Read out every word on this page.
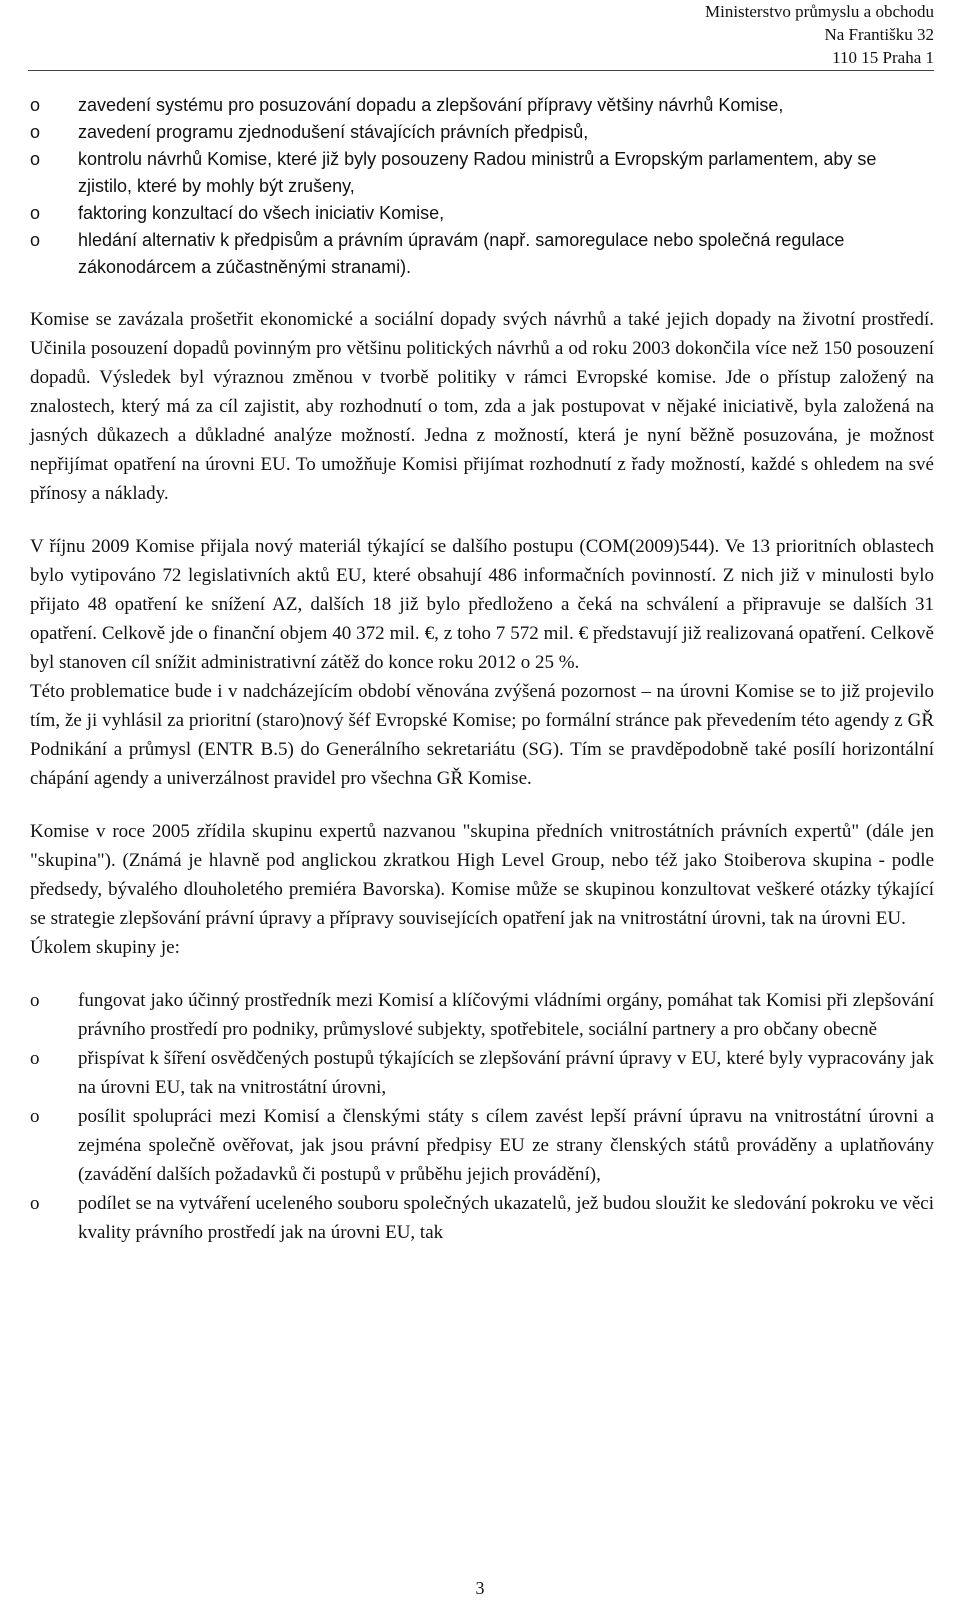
Ministerstvo průmyslu a obchodu
Na Františku 32
110 15 Praha 1
o zavedení systému pro posuzování dopadu a zlepšování přípravy většiny návrhů Komise,
o zavedení programu zjednodušení stávajících právních předpisů,
o kontrolu návrhů Komise, které již byly posouzeny Radou ministrů a Evropským parlamentem, aby se zjistilo, které by mohly být zrušeny,
o faktoring konzultací do všech iniciativ Komise,
o hledání alternativ k předpisům a právním úpravám (např. samoregulace nebo společná regulace zákonodárcem a zúčastněnými stranami).

Komise se zavázala prošetřit ekonomické a sociální dopady svých návrhů a také jejich dopady na životní prostředí. Učinila posouzení dopadů povinným pro většinu politických návrhů a od roku 2003 dokončila více než 150 posouzení dopadů. Výsledek byl výraznou změnou v tvorbě politiky v rámci Evropské komise. Jde o přístup založený na znalostech, který má za cíl zajistit, aby rozhodnutí o tom, zda a jak postupovat v nějaké iniciativě, byla založená na jasných důkazech a důkladné analýze možností. Jedna z možností, která je nyní běžně posuzována, je možnost nepřijímat opatření na úrovni EU. To umožňuje Komisi přijímat rozhodnutí z řady možností, každé s ohledem na své přínosy a náklady.

V říjnu 2009 Komise přijala nový materiál týkající se dalšího postupu (COM(2009)544). Ve 13 prioritních oblastech bylo vytipováno 72 legislativních aktů EU, které obsahují 486 informačních povinností. Z nich již v minulosti bylo přijato 48 opatření ke snížení AZ, dalších 18 již bylo předloženo a čeká na schválení a připravuje se dalších 31 opatření. Celkově jde o finanční objem 40 372 mil. €, z toho 7 572 mil. € představují již realizovaná opatření. Celkově byl stanoven cíl snížit administrativní zátěž do konce roku 2012 o 25 %.

Této problematice bude i v nadcházejícím období věnována zvýšená pozornost – na úrovni Komise se to již projevilo tím, že ji vyhlásil za prioritní (staro)nový šéf Evropské Komise; po formální stránce pak převedením této agendy z GŘ Podnikání a průmysl (ENTR B.5) do Generálního sekretariátu (SG). Tím se pravděpodobně také posílí horizontální chápání agendy a univerzálnost pravidel pro všechna GŘ Komise.

Komise v roce 2005 zřídila skupinu expertů nazvanou "skupina předních vnitrostátních právních expertů" (dále jen "skupina"). (Známá je hlavně pod anglickou zkratkou High Level Group, nebo též jako Stoiberova skupina - podle předsedy, bývalého dlouholetého premiéra Bavorska). Komise může se skupinou konzultovat veškeré otázky týkající se strategie zlepšování právní úpravy a přípravy souvisejících opatření jak na vnitrostátní úrovni, tak na úrovni EU.

Úkolem skupiny je:

o fungovat jako účinný prostředník mezi Komisí a klíčovými vládními orgány, pomáhat tak Komisi při zlepšování právního prostředí pro podniky, průmyslové subjekty, spotřebitele, sociální partnery a pro občany obecně
o přispívat k šíření osvědčených postupů týkajících se zlepšování právní úpravy v EU, které byly vypracovány jak na úrovni EU, tak na vnitrostátní úrovni,
o posílit spolupráci mezi Komisí a členskými státy s cílem zavést lepší právní úpravu na vnitrostátní úrovni a zejména společně ověřovat, jak jsou právní předpisy EU ze strany členských států prováděny a uplatňovány (zavádění dalších požadavků či postupů v průběhu jejich provádění),
o podílet se na vytváření uceleného souboru společných ukazatelů, jež budou sloužit ke sledování pokroku ve věci kvality právního prostředí jak na úrovni EU, tak
3
